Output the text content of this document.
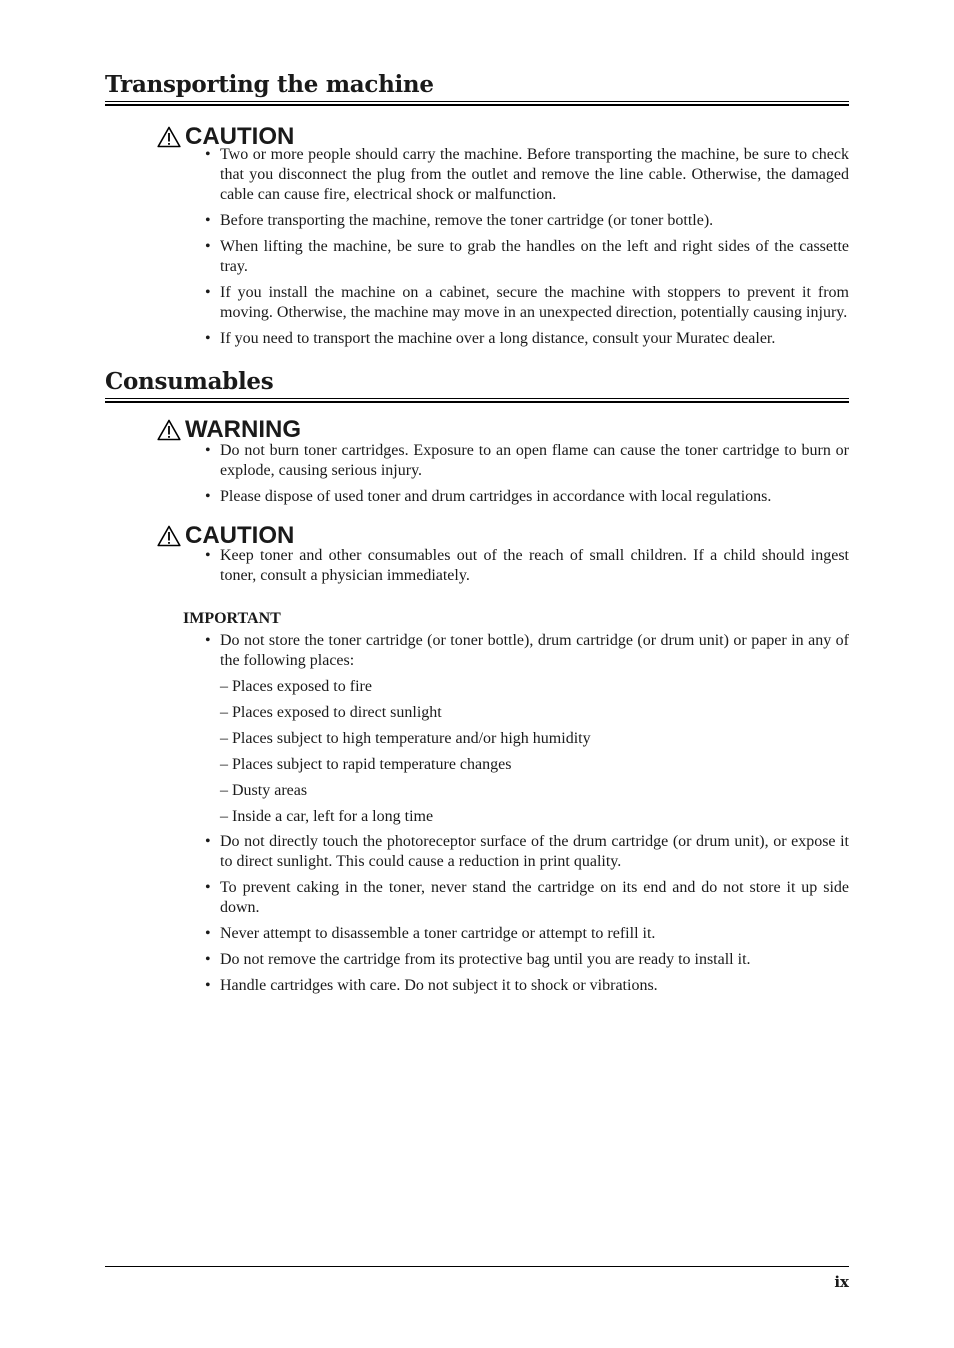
Transporting the machine
CAUTION
• Two or more people should carry the machine. Before transporting the machine, be sure to check that you disconnect the plug from the outlet and remove the line cable. Otherwise, the damaged cable can cause fire, electrical shock or malfunction.
• Before transporting the machine, remove the toner cartridge (or toner bottle).
• When lifting the machine, be sure to grab the handles on the left and right sides of the cassette tray.
• If you install the machine on a cabinet, secure the machine with stoppers to prevent it from moving. Otherwise, the machine may move in an unexpected direction, potentially causing injury.
• If you need to transport the machine over a long distance, consult your Muratec dealer.
Consumables
WARNING
• Do not burn toner cartridges. Exposure to an open flame can cause the toner cartridge to burn or explode, causing serious injury.
• Please dispose of used toner and drum cartridges in accordance with local regulations.
CAUTION
• Keep toner and other consumables out of the reach of small children. If a child should ingest toner, consult a physician immediately.
IMPORTANT
• Do not store the toner cartridge (or toner bottle), drum cartridge (or drum unit) or paper in any of the following places:
– Places exposed to fire
– Places exposed to direct sunlight
– Places subject to high temperature and/or high humidity
– Places subject to rapid temperature changes
– Dusty areas
– Inside a car, left for a long time
• Do not directly touch the photoreceptor surface of the drum cartridge (or drum unit), or expose it to direct sunlight. This could cause a reduction in print quality.
• To prevent caking in the toner, never stand the cartridge on its end and do not store it up side down.
• Never attempt to disassemble a toner cartridge or attempt to refill it.
• Do not remove the cartridge from its protective bag until you are ready to install it.
• Handle cartridges with care. Do not subject it to shock or vibrations.
ix
